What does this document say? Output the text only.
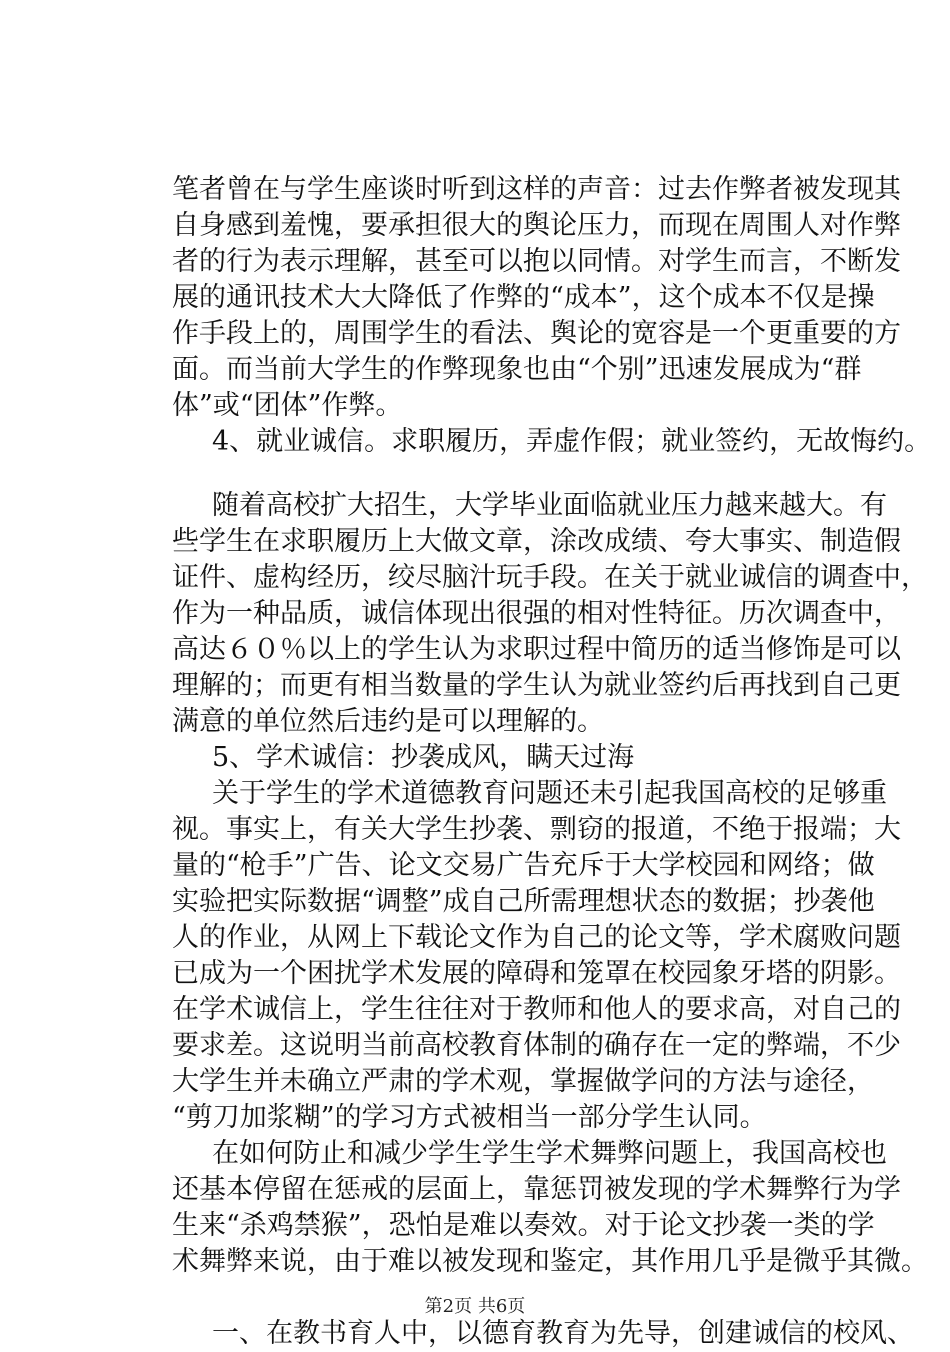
笔者曾在与学生座谈时听到这样的声音：过去作弊者被发现其
自身感到羞愧，要承担很大的舆论压力，而现在周围人对作弊
者的行为表示理解，甚至可以抱以同情。对学生而言，不断发
展的通讯技术大大降低了作弊的“成本”，这个成本不仅是操
作手段上的，周围学生的看法、舆论的宽容是一个更重要的方
面。而当前大学生的作弊现象也由“个别”迅速发展成为“群
体”或“团体”作弊。
4、就业诚信。求职履历，弄虚作假；就业签约，无故悔约。
随着高校扩大招生，大学毕业面临就业压力越来越大。有
些学生在求职履历上大做文章，涂改成绩、夸大事实、制造假
证件、虚构经历，绞尽脑汁玩手段。在关于就业诚信的调查中，
作为一种品质，诚信体现出很强的相对性特征。历次调查中，
高达６０％以上的学生认为求职过程中简历的适当修饰是可以
理解的；而更有相当数量的学生认为就业签约后再找到自己更
满意的单位然后违约是可以理解的。
5、学术诚信：抄袭成风，瞒天过海
关于学生的学术道德教育问题还未引起我国高校的足够重
视。事实上，有关大学生抄袭、剽窃的报道，不绝于报端；大
量的“枪手”广告、论文交易广告充斥于大学校园和网络；做
实验把实际数据“调整”成自己所需理想状态的数据；抄袭他
人的作业，从网上下载论文作为自己的论文等，学术腐败问题
已成为一个困扰学术发展的障碍和笼罩在校园象牙塔的阴影。
在学术诚信上，学生往往对于教师和他人的要求高，对自己的
要求差。这说明当前高校教育体制的确存在一定的弊端，不少
大学生并未确立严肃的学术观，掌握做学问的方法与途径，
“剪刀加浆糊”的学习方式被相当一部分学生认同。
在如何防止和减少学生学生学术舞弊问题上，我国高校也
还基本停留在惩戒的层面上，靠惩罚被发现的学术舞弊行为学
生来“杀鸡禁猴”，恐怕是难以奏效。对于论文抄袭一类的学
术舞弊来说，由于难以被发现和鉴定，其作用几乎是微乎其微。
一、在教书育人中，以德育教育为先导，创建诚信的校风、
第2页 共6页
